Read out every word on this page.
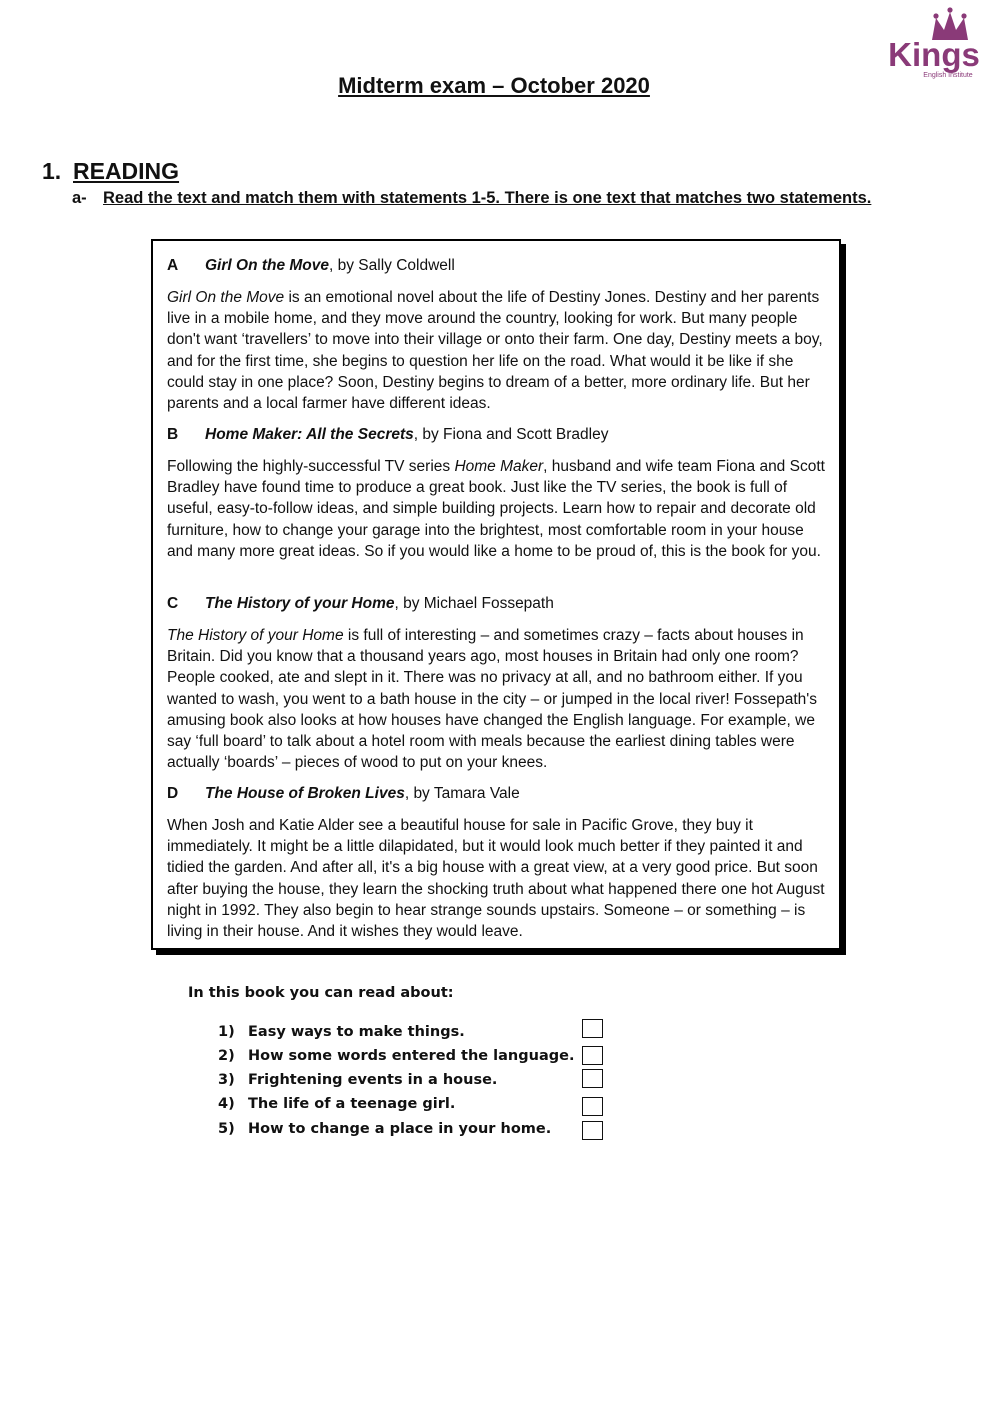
Kings
English Institute
Midterm exam – October 2020
1. READING
a- Read the text and match them with statements 1-5. There is one text that matches two statements.
A Girl On the Move, by Sally Coldwell
Girl On the Move is an emotional novel about the life of Destiny Jones. Destiny and her parents live in a mobile home, and they move around the country, looking for work. But many people don't want ‘travellers’ to move into their village or onto their farm. One day, Destiny meets a boy, and for the first time, she begins to question her life on the road. What would it be like if she could stay in one place? Soon, Destiny begins to dream of a better, more ordinary life. But her parents and a local farmer have different ideas.
B Home Maker: All the Secrets, by Fiona and Scott Bradley
Following the highly-successful TV series Home Maker, husband and wife team Fiona and Scott Bradley have found time to produce a great book. Just like the TV series, the book is full of useful, easy-to-follow ideas, and simple building projects. Learn how to repair and decorate old furniture, how to change your garage into the brightest, most comfortable room in your house and many more great ideas. So if you would like a home to be proud of, this is the book for you.
C The History of your Home, by Michael Fossepath
The History of your Home is full of interesting – and sometimes crazy – facts about houses in Britain. Did you know that a thousand years ago, most houses in Britain had only one room? People cooked, ate and slept in it. There was no privacy at all, and no bathroom either. If you wanted to wash, you went to a bath house in the city – or jumped in the local river! Fossepath's amusing book also looks at how houses have changed the English language. For example, we say ‘full board’ to talk about a hotel room with meals because the earliest dining tables were actually ‘boards’ – pieces of wood to put on your knees.
D The House of Broken Lives, by Tamara Vale
When Josh and Katie Alder see a beautiful house for sale in Pacific Grove, they buy it immediately. It might be a little dilapidated, but it would look much better if they painted it and tidied the garden. And after all, it's a big house with a great view, at a very good price. But soon after buying the house, they learn the shocking truth about what happened there one hot August night in 1992. They also begin to hear strange sounds upstairs. Someone – or something – is living in their house. And it wishes they would leave.
In this book you can read about:
1) Easy ways to make things.
2) How some words entered the language.
3) Frightening events in a house.
4) The life of a teenage girl.
5) How to change a place in your home.
